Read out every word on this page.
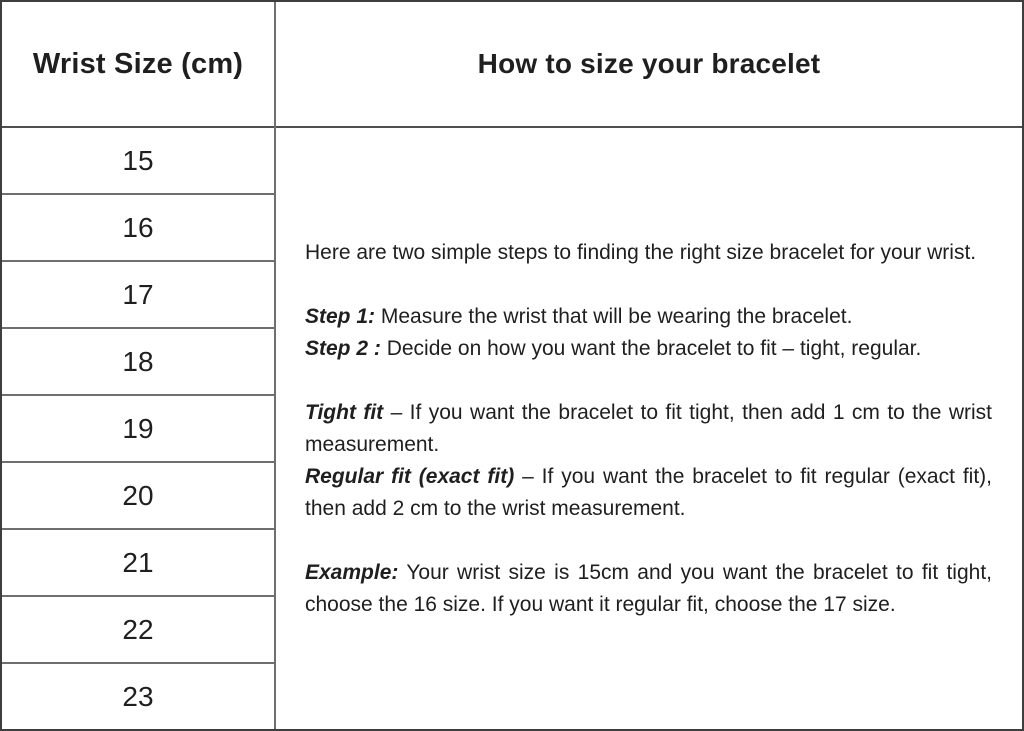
Wrist Size (cm)
15
16
17
18
19
20
21
22
23
How to size your bracelet

Here are two simple steps to finding the right size bracelet for your wrist.

Step 1: Measure the wrist that will be wearing the bracelet.

Step 2 : Decide on how you want the bracelet to fit – tight, regular.

Tight fit – If you want the bracelet to fit tight, then add 1 cm to the wrist measurement.

Regular fit (exact fit) – If you want the bracelet to fit regular (exact fit), then add 2 cm to the wrist measurement.

Example: Your wrist size is 15cm and you want the bracelet to fit tight, choose the 16 size. If you want it regular fit, choose the 17 size.
